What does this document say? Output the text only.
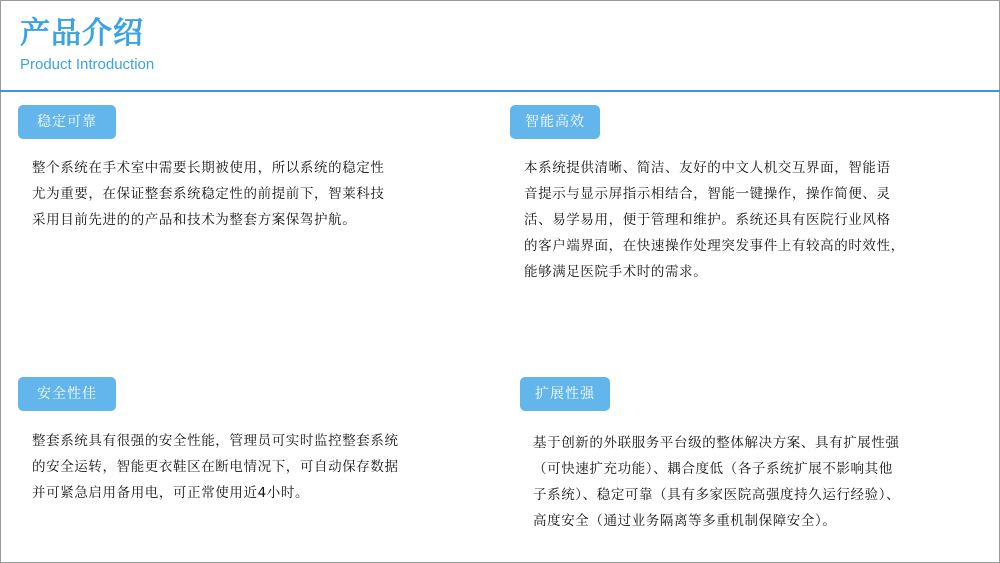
产品介绍
Product Introduction
稳定可靠
整个系统在手术室中需要长期被使用，所以系统的稳定性
尤为重要，在保证整套系统稳定性的前提前下，智莱科技
采用目前先进的的产品和技术为整套方案保驾护航。
智能高效
本系统提供清晰、简洁、友好的中文人机交互界面，智能语
音提示与显示屏指示相结合，智能一键操作，操作简便、灵
活、易学易用，便于管理和维护。系统还具有医院行业风格
的客户端界面，在快速操作处理突发事件上有较高的时效性，
能够满足医院手术时的需求。
安全性佳
整套系统具有很强的安全性能，管理员可实时监控整套系统
的安全运转，智能更衣鞋区在断电情况下，可自动保存数据
并可紧急启用备用电，可正常使用近4小时。
扩展性强
基于创新的外联服务平台级的整体解决方案、具有扩展性强
（可快速扩充功能）、耦合度低（各子系统扩展不影响其他
子系统）、稳定可靠（具有多家医院高强度持久运行经验）、
高度安全（通过业务隔离等多重机制保障安全）。
